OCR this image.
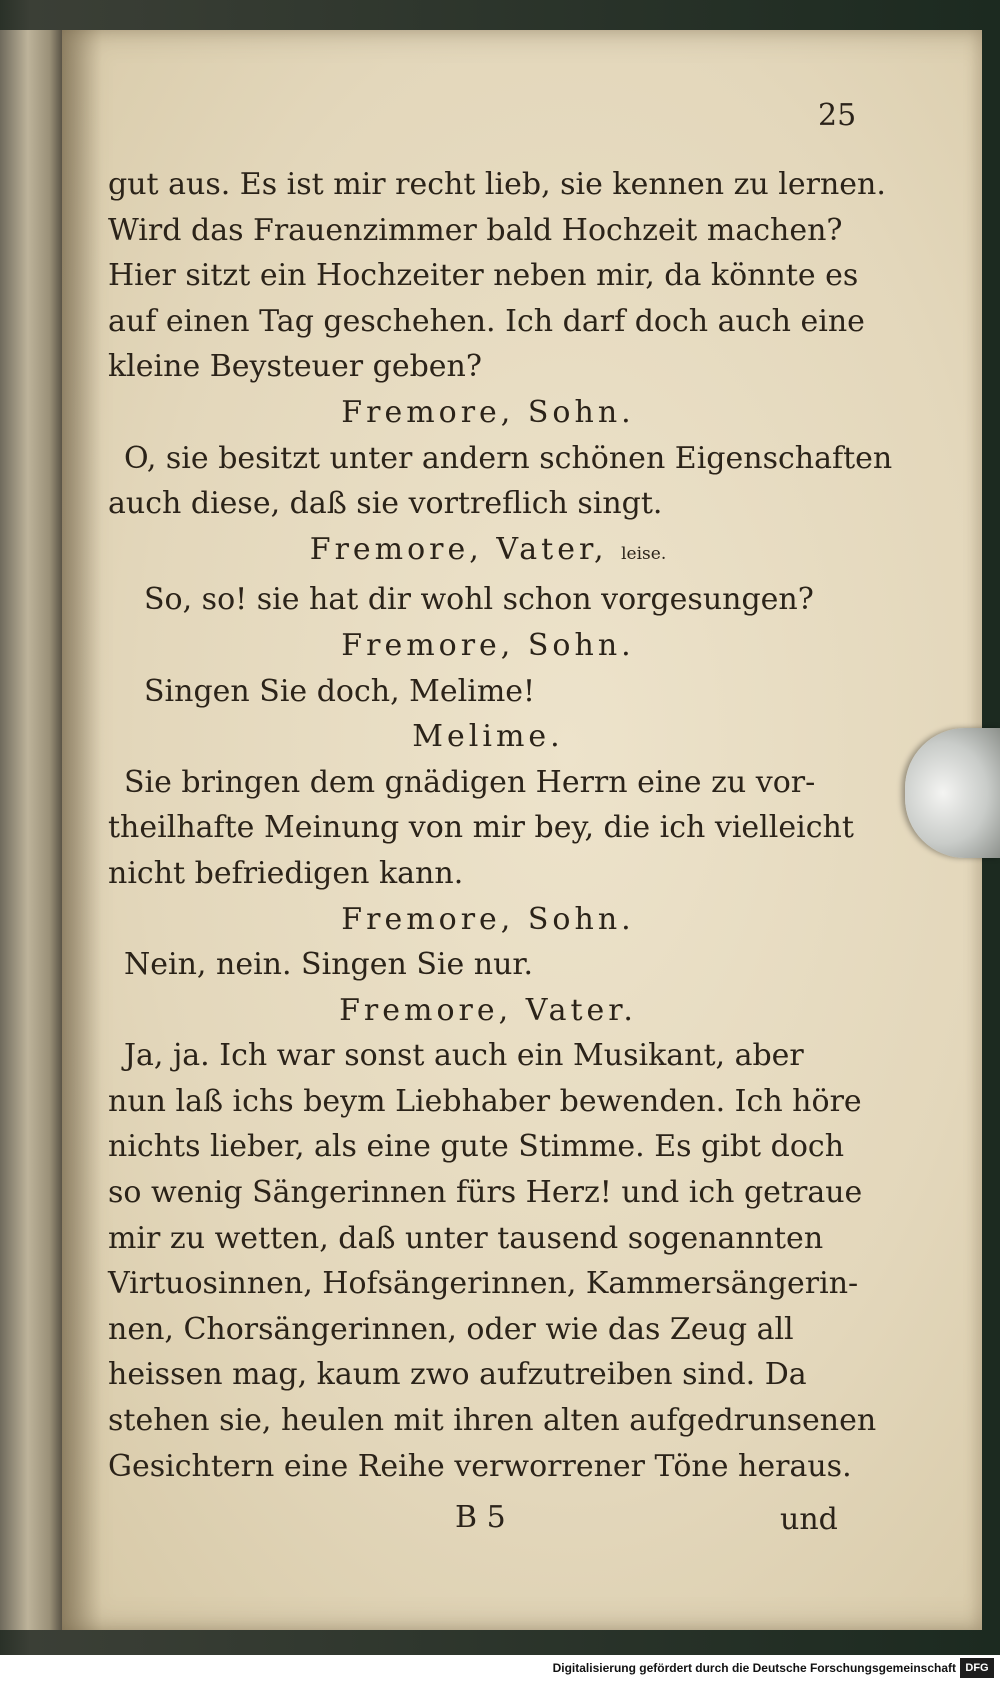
25
gut aus. Es ist mir recht lieb, sie kennen zu lernen.
Wird das Frauenzimmer bald Hochzeit machen?
Hier sitzt ein Hochzeiter neben mir, da könnte es
auf einen Tag geschehen. Ich darf doch auch eine
kleine Beysteuer geben?
Fremore, Sohn.
O, sie besitzt unter andern schönen Eigenschaften
auch diese, daß sie vortreflich singt.
Fremore, Vater, leise.
So, so! sie hat dir wohl schon vorgesungen?
Fremore, Sohn.
Singen Sie doch, Melime!
Melime.
Sie bringen dem gnädigen Herrn eine zu vor-
theilhafte Meinung von mir bey, die ich vielleicht
nicht befriedigen kann.
Fremore, Sohn.
Nein, nein. Singen Sie nur.
Fremore, Vater.
Ja, ja. Ich war sonst auch ein Musikant, aber
nun laß ichs beym Liebhaber bewenden. Ich höre
nichts lieber, als eine gute Stimme. Es gibt doch
so wenig Sängerinnen fürs Herz! und ich getraue
mir zu wetten, daß unter tausend sogenannten
Virtuosinnen, Hofsängerinnen, Kammersängerin-
nen, Chorsängerinnen, oder wie das Zeug all
heissen mag, kaum zwo aufzutreiben sind. Da
stehen sie, heulen mit ihren alten aufgedrunsenen
Gesichtern eine Reihe verworrener Töne heraus.
B 5	und
Digitalisierung gefördert durch die Deutsche Forschungsgemeinschaft DFG
